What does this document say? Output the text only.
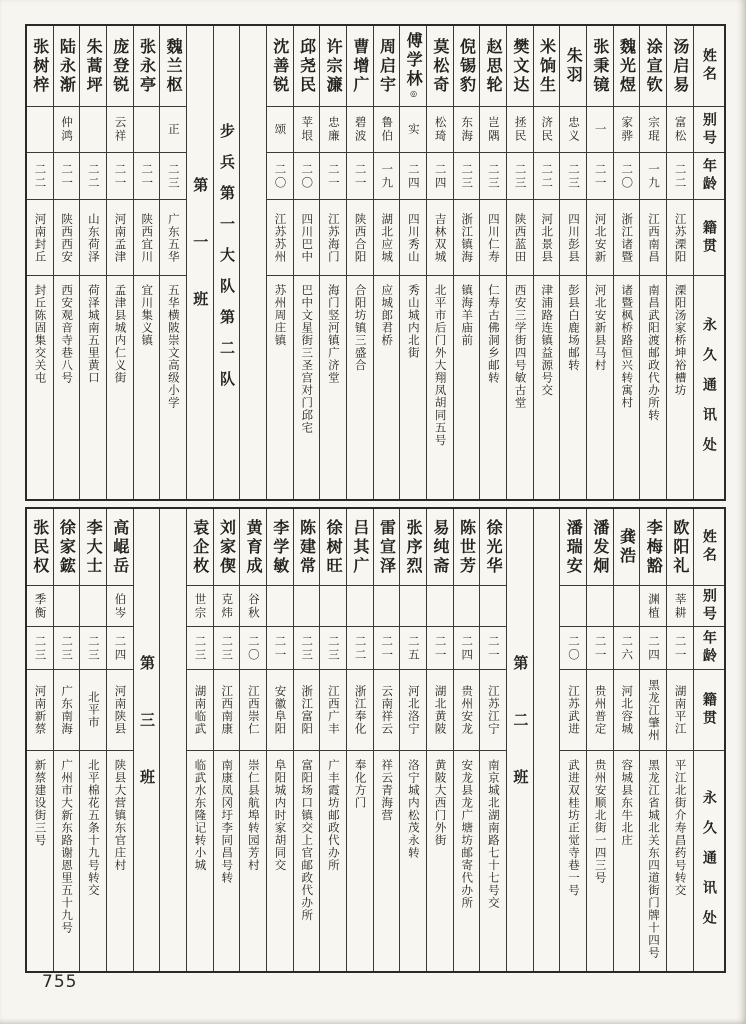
姓名
别号
年龄
籍贯
永久通讯处
汤启易
富松
二二
江苏溧阳
溧阳汤家桥坤裕槽坊
涂宣钦
宗琨
一九
江西南昌
南昌武阳渡邮政代办所转
魏光煜
家骅
二〇
浙江诸暨
诸暨枫桥路恒兴转寓村
张秉镜
一
二一
河北安新
河北安新县马村
朱羽
忠义
二三
四川彭县
彭县白鹿场邮转
米饷生
济民
二二
河北景县
津浦路连镇益源号交
樊文达
拯民
二三
陕西蓝田
西安三学街四号敏古堂
赵思轮
岂隅
二三
四川仁寿
仁寿古佛洞乡邮转
倪锡豹
东海
二三
浙江镇海
镇海羊庙前
莫松奇
松琦
二四
吉林双城
北平市后门外大翔凤胡同五号
傅学林◎
实
二四
四川秀山
秀山城内北街
周启宇
鲁伯
一九
湖北应城
应城郎君桥
曹增广
碧波
二一
陕西合阳
合阳坊镇三盛合
许宗濂
忠廉
二一
江苏海门
海门竖河镇广济堂
邱尧民
苹垠
二〇
四川巴中
巴中文星街三圣宫对门邱宅
沈善锐
颂
二〇
江苏苏州
苏州周庄镇
步兵第一大队第二队
第一班
魏兰枢
正
二三
广东五华
五华横陂崇文高级小学
张永亭
二一
陕西宜川
宜川集义镇
庞登锐
云祥
二一
河南孟津
孟津县城内仁义街
朱蒿坪
二二
山东荷泽
荷泽城南五里黄口
陆永渐
仲鸿
二一
陕西西安
西安观音寺巷八号
张树梓
二二
河南封丘
封丘陈固集交关屯
姓名
别号
年龄
籍贯
永久通讯处
欧阳礼
莘耕
二一
湖南平江
平江北街介寿昌药号转交
李梅豁
渊植
二四
黑龙江肇州
黑龙江省城北关东四道街门牌十四号
龚浩
二六
河北容城
容城县东牛北庄
潘发炯
二一
贵州普定
贵州安顺北街一四三号
潘瑞安
二〇
江苏武进
武进双桂坊正觉寺巷一号
第二班
徐光华
二一
江苏江宁
南京城北湖南路七十七号交
陈世芳
二四
贵州安龙
安龙县龙广塘坊邮寄代办所
易纯斋
二一
湖北黄陂
黄陂大西门外街
张序烈
二五
河北洛宁
洛宁城内松茂永转
雷宣泽
二一
云南祥云
祥云青海营
吕其广
二二
浙江奉化
奉化方门
徐树旺
二三
江西广丰
广丰霞坊邮政代办所
陈建常
二三
浙江富阳
富阳场口镇交上官邮政代办所
李学敏
二一
安徽阜阳
阜阳城内时家胡同交
黄育成
谷秋
二〇
江西崇仁
崇仁县航埠转园芳村
刘家偰
克炜
二三
江西南康
南康凤冈圩李同昌号转
袁企枚
世宗
二三
湖南临武
临武水东隆记转小城
第三班
高崐岳
伯岑
二四
河南陕县
陕县大营镇东官庄村
李大士
二三
北平市
北平棉花五条十九号转交
徐家鋐
二三
广东南海
广州市大新东路谢恩里五十九号
张民权
季衡
二三
河南新蔡
新蔡建设街三号
755
